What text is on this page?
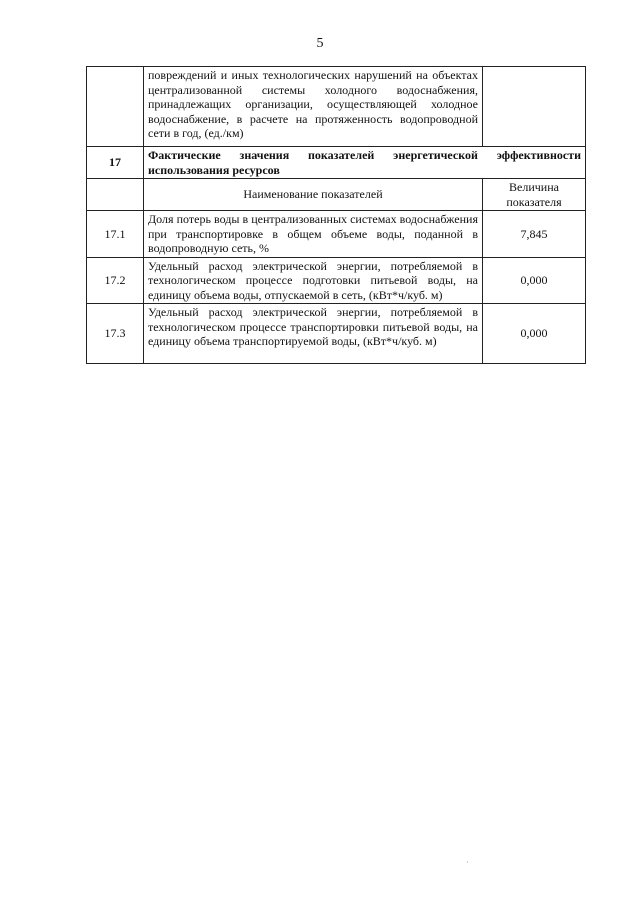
5
	повреждений и иных технологических нарушений на объектах централизованной системы холодного водоснабжения, принадлежащих организации, осуществляющей холодное водоснабжение, в расчете на протяженность водопроводной сети в год, (ед./км)	
17	Фактические значения показателей энергетической эффективности использования ресурсов	
	Наименование показателей	Величина показателя
17.1	Доля потерь воды в централизованных системах водоснабжения при транспортировке в общем объеме воды, поданной в водопроводную сеть, %	7,845
17.2	Удельный расход электрической энергии, потребляемой в технологическом процессе подготовки питьевой воды, на единицу объема воды, отпускаемой в сеть, (кВт*ч/куб. м)	0,000
17.3	Удельный расход электрической энергии, потребляемой в технологическом процессе транспортировки питьевой воды, на единицу объема транспортируемой воды, (кВт*ч/куб. м)	0,000
·
